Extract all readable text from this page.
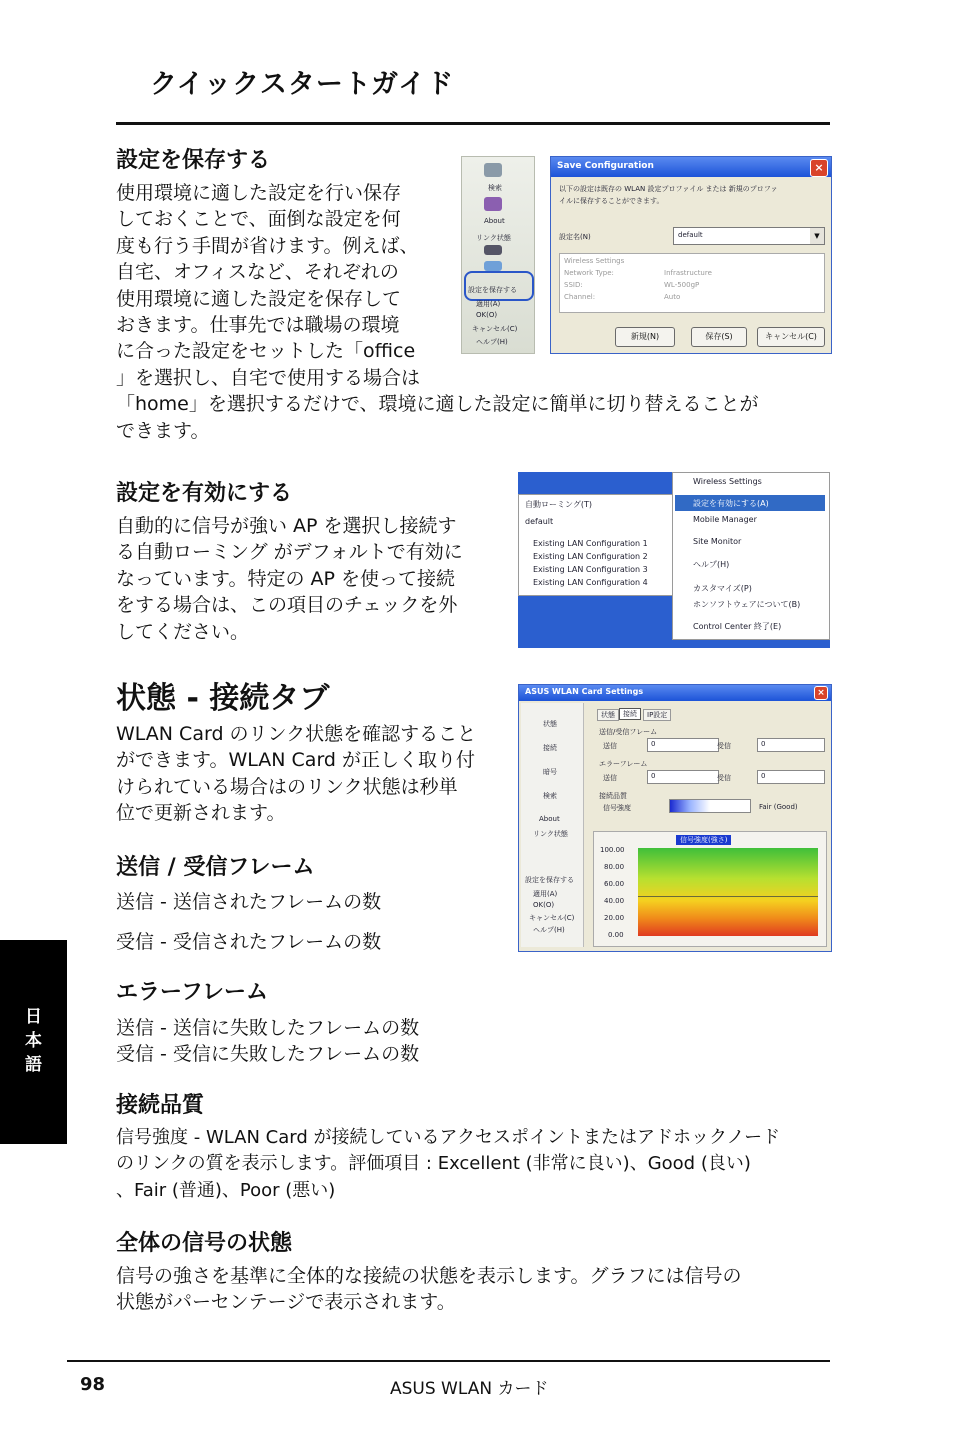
クイックスタートガイド
設定を保存する

使用環境に適した設定を行い保存

しておくことで、面倒な設定を何

度も行う手間が省けます。例えば、

自宅、オフィスなど、それぞれの

使用環境に適した設定を保存して

おきます。仕事先では職場の環境

に合った設定をセットした「office

」を選択し、自宅で使用する場合は

「home」を選択するだけで、環境に適した設定に簡単に切り替えることが

できます。

検索
About
リンク状態
設定を保存する
適用(A)
OK(O)
キャンセル(C)
ヘルプ(H)
Save Configuration	×
以下の設定は既存の WLAN 設定プロファイル または 新規のプロファ
イルに保存することができます。
設定名(N)	default	▼
Wireless Settings
Network Type:
SSID:
Channel:
Infrastructure
WL-500gP
Auto
新規(N)	保存(S)	キャンセル(C)
設定を有効にする

自動的に信号が強い AP を選択し接続す

る自動ローミング がデフォルトで有効に

なっています。特定の AP を使って接続

をする場合は、この項目のチェックを外

してください。

自動ローミング(T)
default
Existing LAN Configuration 1
Existing LAN Configuration 2
Existing LAN Configuration 3
Existing LAN Configuration 4
Wireless Settings
設定を有効にする(A)
Mobile Manager
Site Monitor
ヘルプ(H)
カスタマイズ(P)
ホンソフトウェアについて(B)
Control Center 終了(E)
状態 - 接続タブ

WLAN Card のリンク状態を確認すること

ができます。WLAN Card が正しく取り付

けられている場合はのリンク状態は秒単

位で更新されます。

ASUS WLAN Card Settings	×
状態
接続
暗号
検索
About
リンク状態
設定を保存する
適用(A)
OK(O)
キャンセル(C)
ヘルプ(H)
状態	接続	IP設定
送信/受信フレーム
送信	0	受信	0
エラーフレーム
送信	0	受信	0
接続品質
信号強度	Fair (Good)
信号強度(強さ)
100.00
80.00
60.00
40.00
20.00
0.00
送信 / 受信フレーム
送信 - 送信されたフレームの数
受信 - 受信されたフレームの数
エラーフレーム
送信 - 送信に失敗したフレームの数
受信 - 受信に失敗したフレームの数
接続品質

信号強度 - WLAN Card が接続しているアクセスポイントまたはアドホックノード

のリンクの質を表示します。評価項目 : Excellent (非常に良い)、Good (良い)

、Fair (普通)、Poor (悪い)

全体の信号の状態

信号の強さを基準に全体的な接続の状態を表示します。グラフには信号の

状態がパーセンテージで表示されます。

日
本
語
98	ASUS WLAN カード
